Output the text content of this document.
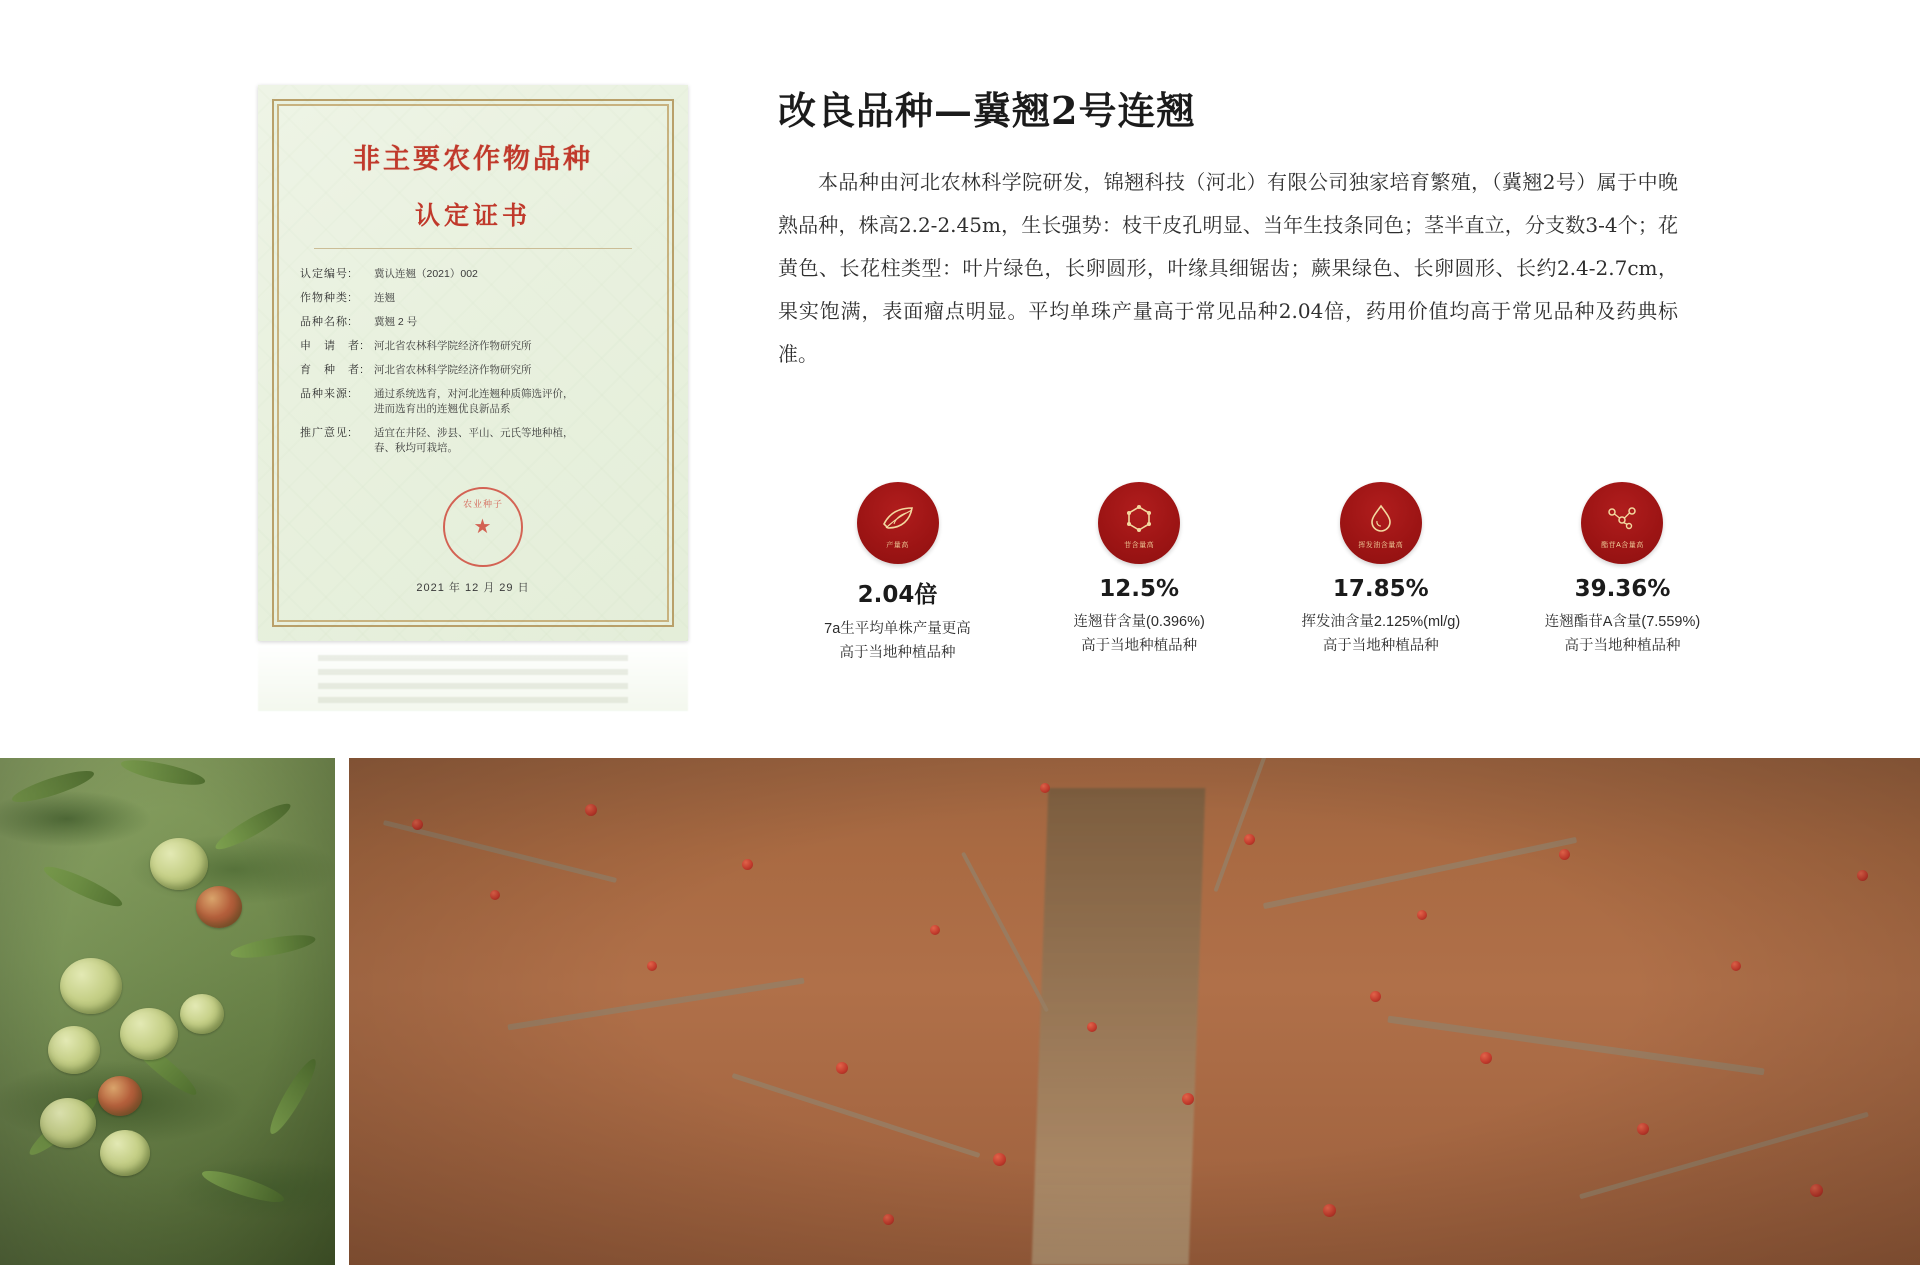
非主要农作物品种
认定证书
认定编号:	冀认连翘（2021）002
作物种类:	连翘
品种名称:	冀翘 2 号
申　请　者: 河北省农林科学院经济作物研究所
育　种　者: 河北省农林科学院经济作物研究所
品种来源:	通过系统选育，对河北连翘种质筛选评价，
进而选育出的连翘优良新品系
推广意见:	适宜在井陉、涉县、平山、元氏等地种植，
春、秋均可栽培。
★
农业种子
2021 年 12 月 29 日
改良品种—冀翘2号连翘

本品种由河北农林科学院研发，锦翘科技（河北）有限公司独家培育繁殖，（冀翘2号）属于中晚熟品种，株高2.2-2.45m，生长强势：枝干皮孔明显、当年生技条同色；茎半直立，分支数3-4个；花黄色、长花柱类型：叶片绿色，长卵圆形，叶缘具细锯齿；蕨果绿色、长卵圆形、长约2.4-2.7cm，果实饱满，表面瘤点明显。平均单珠产量高于常见品种2.04倍，药用价值均高于常见品种及药典标准。

产量高
2.04倍
7a生平均单株产量更高
高于当地种植品种
苷含量高
12.5%
连翘苷含量(0.396%)
高于当地种植品种
挥发油含量高
17.85%
挥发油含量2.125%(ml/g)
高于当地种植品种
酯苷A含量高
39.36%
连翘酯苷A含量(7.559%)
高于当地种植品种
